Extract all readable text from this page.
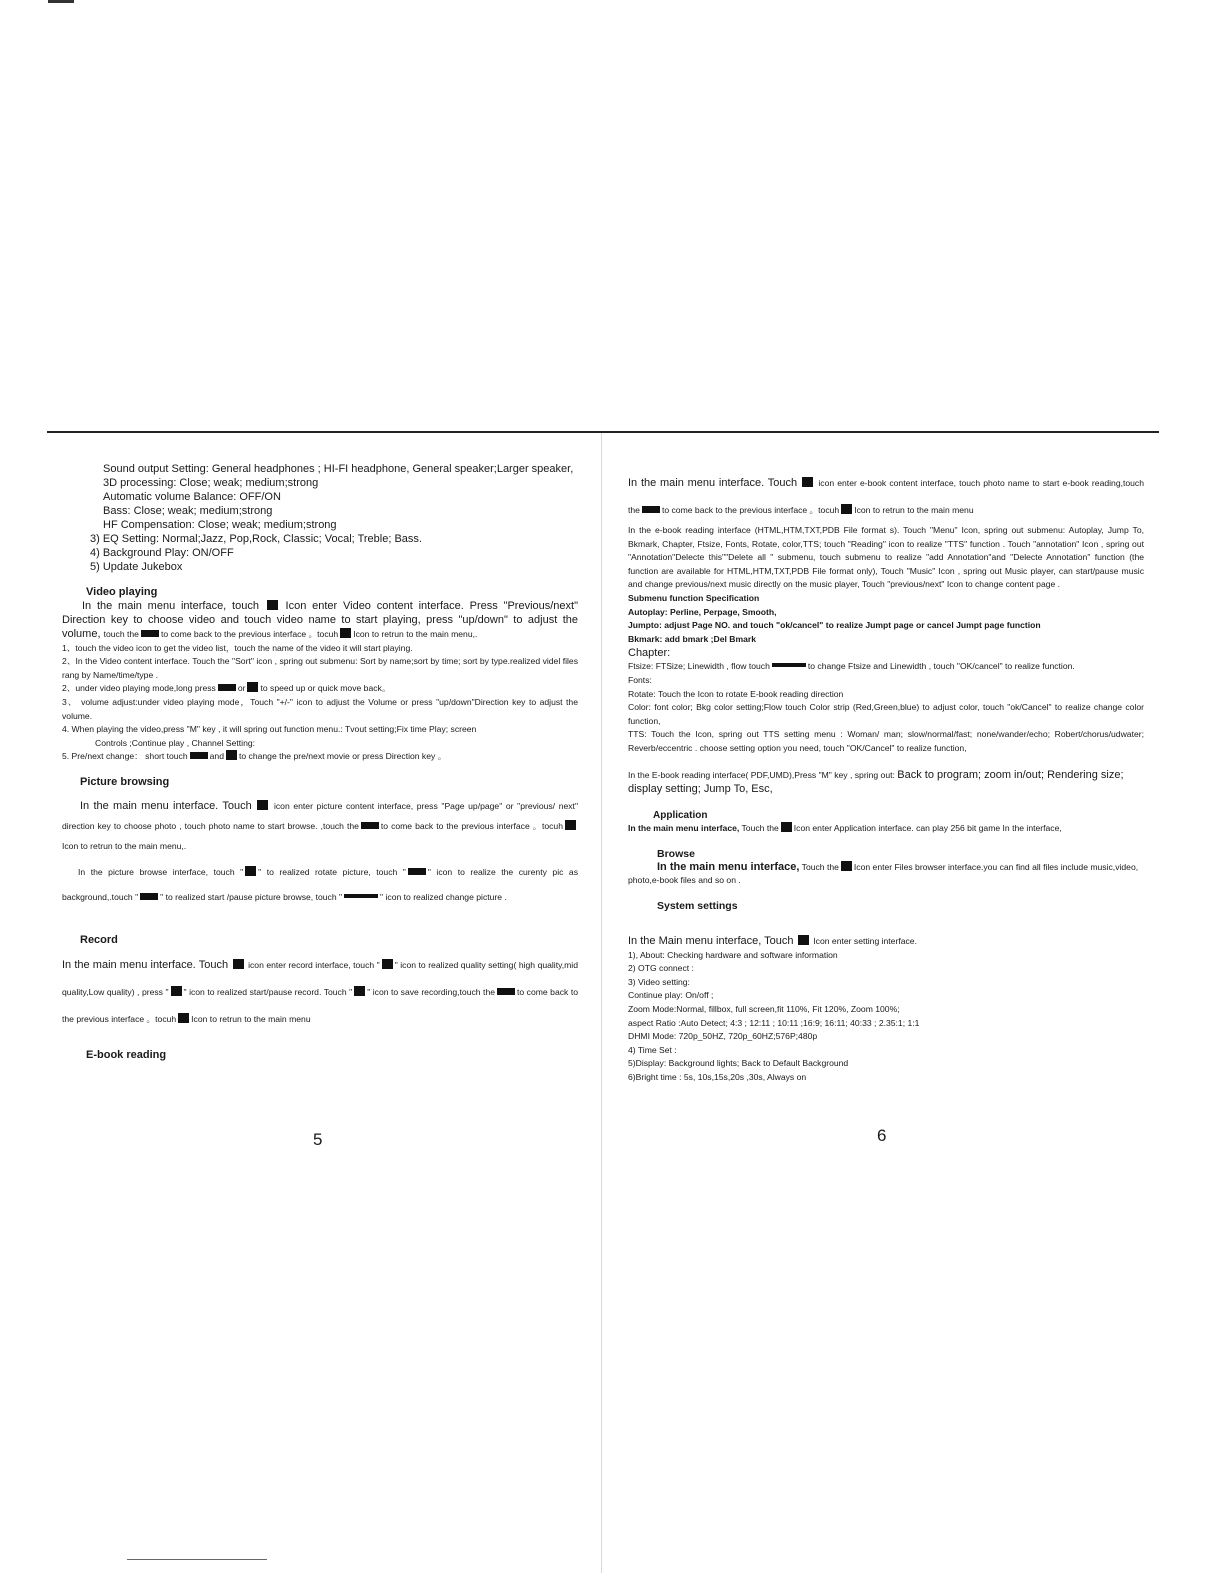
Sound output Setting: General headphones ; HI-FI headphone, General speaker;Larger speaker,

3D processing: Close; weak; medium;strong

Automatic volume Balance: OFF/ON

Bass: Close; weak; medium;strong

HF Compensation: Close; weak; medium;strong

3) EQ Setting: Normal;Jazz, Pop,Rock, Classic; Vocal; Treble; Bass.

4) Background Play: ON/OFF

5) Update Jukebox

Video playing

In the main menu interface, touch Icon enter Video content interface. Press "Previous/next" Direction key to choose video and touch video name to start playing, press "up/down" to adjust the volume, touch the	to come back to the previous interface 。tocuh Icon to retrun to the main menu,.

1、touch the video icon to get the video list，touch the name of the video it will start playing.

2、In the Video content interface. Touch the "Sort" icon , spring out submenu: Sort by name;sort by time; sort by type.realized videl files rang by Name/time/type .

2、under video playing mode,long press	or to speed up or quick move back。

3、 volume adjust:under video playing mode，Touch "+/-" icon to adjust the Volume or press "up/down"Direction key to adjust the volume.

4. When playing the video,press "M" key , it will spring out function menu.: Tvout setting;Fix time Play; screen

Controls ;Continue play , Channel Setting:

5. Pre/next change： short touch	and to change the pre/next movie or press Direction key 。

Picture browsing

In the main menu interface. Touch	icon enter picture content interface, press "Page up/page" or "previous/ next" direction key to choose photo , touch photo name to start browse. ,touch the	to come back to the previous interface 。tocuhIcon to retrun to the main menu,.

In the picture browse interface, touch " " to realized rotate picture, touch "	" icon to realize the curenty pic as background,.touch "	" to realized start /pause picture browse, touch "	" icon to realized change picture .

Record

In the main menu interface. Touch icon enter record interface, touch " " icon to realized quality setting( high quality,mid quality,Low quality) , press " " icon to realized start/pause record. Touch " " icon to save recording,touch the	to come back to the previous interface 。tocuh Icon to retrun to the main menu

E-book reading

5

In the main menu interface. Touch icon enter e-book content interface, touch photo name to start e-book reading,touch the	to come back to the previous interface 。tocuh Icon to retrun to the main menu

In the e-book reading interface (HTML,HTM,TXT,PDB File format s). Touch "Menu" Icon, spring out submenu: Autoplay, Jump To, Bkmark, Chapter, Ftsize, Fonts, Rotate, color,TTS; touch "Reading" icon to realize "TTS" function . Touch "annotation" Icon , spring out "Annotation"Delecte this""Delete all " submenu, touch submenu to realize "add Annotation"and "Delecte Annotation" function (the function are available for HTML,HTM,TXT,PDB File format only), Touch "Music" Icon , spring out Music player, can start/pause music and change previous/next music directly on the music player, Touch "previous/next" Icon to change content page .

Submenu function Specification

Autoplay: Perline, Perpage, Smooth,

Jumpto: adjust Page NO. and touch "ok/cancel" to realize Jumpt page or cancel Jumpt page function

Bkmark: add bmark ;Del Bmark

Chapter:

Ftsize: FTSize; Linewidth , flow touch	to change Ftsize and Linewidth , touch "OK/cancel" to realize function.

Fonts:

Rotate: Touch the Icon to rotate E-book reading direction

Color: font color; Bkg color setting;Flow touch Color strip (Red,Green,blue) to adjust color, touch "ok/Cancel" to realize change color function,

TTS: Touch the Icon, spring out TTS setting menu : Woman/ man; slow/normal/fast; none/wander/echo; Robert/chorus/udwater; Reverb/eccentric . choose setting option you need, touch "OK/Cancel" to realize function,

In the E-book reading interface( PDF,UMD),Press "M" key , spring out: Back to program; zoom in/out; Rendering size; display setting; Jump To, Esc,

Application

In the main menu interface, Touch the Icon enter Application interface. can play 256 bit game In the interface,

Browse

In the main menu interface, Touch the Icon enter Files browser interface.you can find all files include music,video, photo,e-book files and so on .

System settings

In the Main menu interface, Touch Icon enter setting interface.

1), About: Checking hardware and software information

2) OTG connect :

3) Video setting:

Continue play: On/off ;

Zoom Mode:Normal, fillbox, full screen,fit 110%, Fit 120%, Zoom 100%;

aspect Ratio :Auto Detect; 4:3 ; 12:11 ; 10:11 ;16:9; 16:11; 40:33 ; 2.35:1; 1:1

DHMI Mode: 720p_50HZ, 720p_60HZ;576P;480p

4) Time Set :

5)Display: Background lights; Back to Default Background

6)Bright time : 5s, 10s,15s,20s ,30s, Always on

6
